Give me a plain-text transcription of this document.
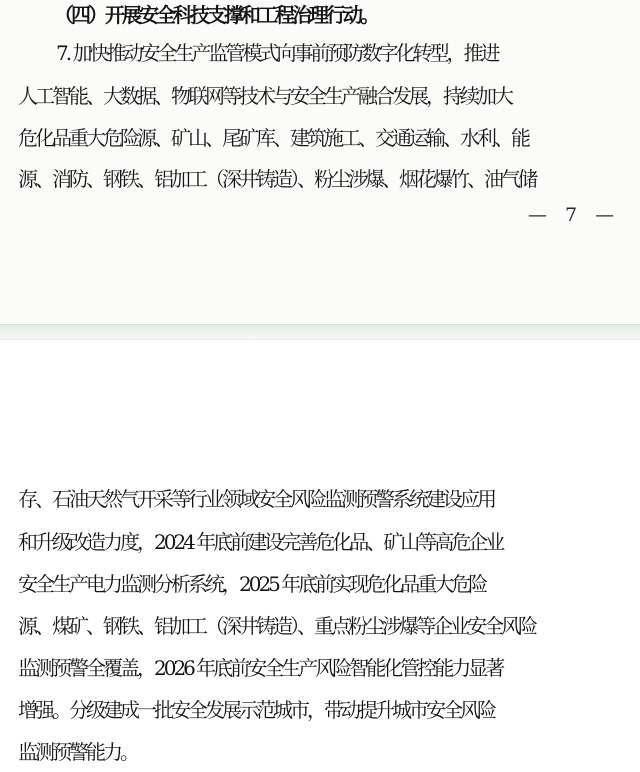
（四）开展安全科技支撑和工程治理行动。
7. 加快推动安全生产监管模式向事前预防数字化转型，推进
人工智能、大数据、物联网等技术与安全生产融合发展，持续加大
危化品重大危险源、矿山、尾矿库、建筑施工、交通运输、水利、能
源、消防、钢铁、铝加工（深井铸造）、粉尘涉爆、烟花爆竹、油气储
— 7 —
存、石油天然气开采等行业领域安全风险监测预警系统建设应用
和升级改造力度，2024 年底前建设完善危化品、矿山等高危企业
安全生产电力监测分析系统，2025 年底前实现危化品重大危险
源、煤矿、钢铁、铝加工（深井铸造）、重点粉尘涉爆等企业安全风险
监测预警全覆盖，2026 年底前安全生产风险智能化管控能力显著
增强。分级建成一批安全发展示范城市，带动提升城市安全风险
监测预警能力。
